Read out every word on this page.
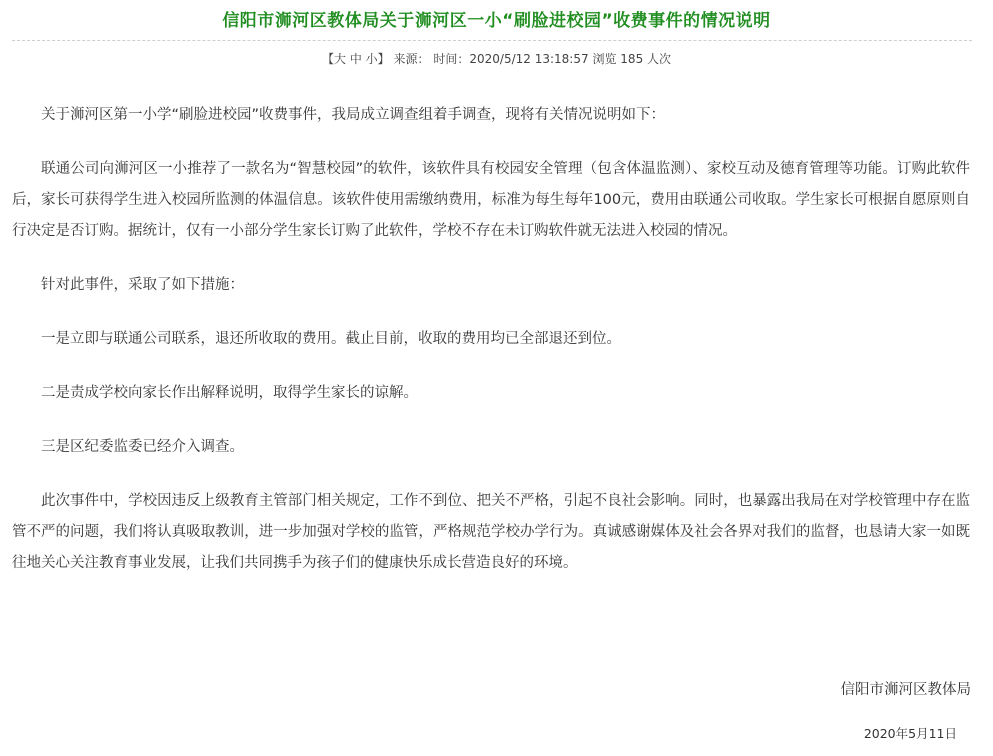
信阳市浉河区教体局关于浉河区一小“刷脸进校园”收费事件的情况说明
【大 中 小】 来源： 时间：2020/5/12 13:18:57 浏览 185 人次

关于浉河区第一小学“刷脸进校园”收费事件，我局成立调查组着手调查，现将有关情况说明如下：

联通公司向浉河区一小推荐了一款名为“智慧校园”的软件，该软件具有校园安全管理（包含体温监测）、家校互动及德育管理等功能。订购此软件后，家长可获得学生进入校园所监测的体温信息。该软件使用需缴纳费用，标准为每生每年100元，费用由联通公司收取。学生家长可根据自愿原则自行决定是否订购。据统计，仅有一小部分学生家长订购了此软件，学校不存在未订购软件就无法进入校园的情况。

针对此事件，采取了如下措施：

一是立即与联通公司联系，退还所收取的费用。截止目前，收取的费用均已全部退还到位。

二是责成学校向家长作出解释说明，取得学生家长的谅解。

三是区纪委监委已经介入调查。

此次事件中，学校因违反上级教育主管部门相关规定，工作不到位、把关不严格，引起不良社会影响。同时，也暴露出我局在对学校管理中存在监管不严的问题，我们将认真吸取教训，进一步加强对学校的监管，严格规范学校办学行为。真诚感谢媒体及社会各界对我们的监督，也恳请大家一如既往地关心关注教育事业发展，让我们共同携手为孩子们的健康快乐成长营造良好的环境。

信阳市浉河区教体局
2020年5月11日
